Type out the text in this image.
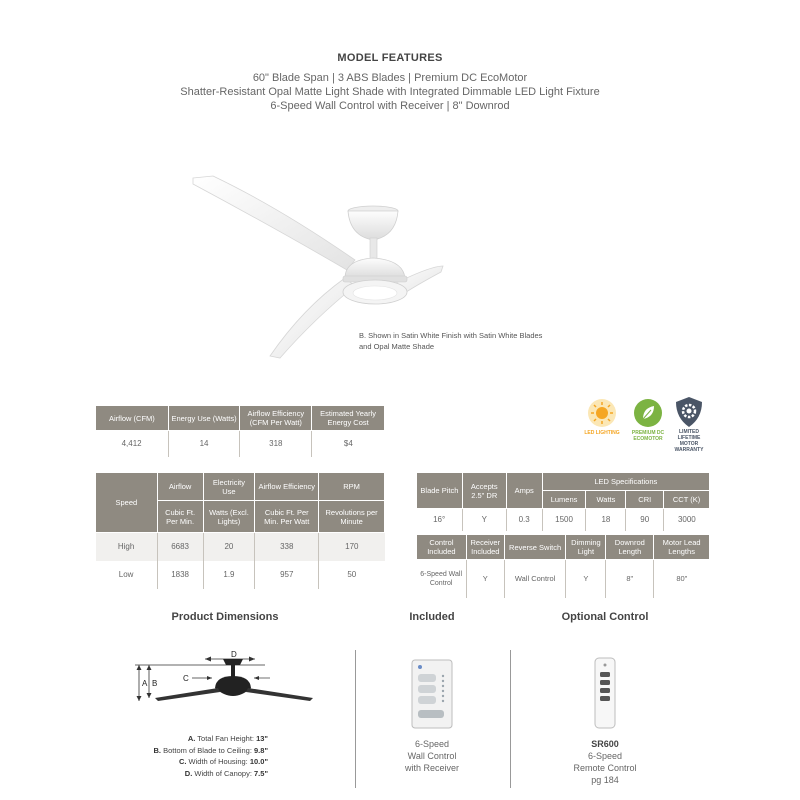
MODEL FEATURES
60" Blade Span | 3 ABS Blades | Premium DC EcoMotor
Shatter-Resistant Opal Matte Light Shade with Integrated Dimmable LED Light Fixture
6-Speed Wall Control with Receiver | 8" Downrod
B. Shown in Satin White Finish with Satin White Blades
and Opal Matte Shade
Airflow (CFM)	Energy Use (Watts)	Airflow Efficiency (CFM Per Watt)	Estimated Yearly Energy Cost
4,412	14	318	$4
LED LIGHTING	PREMIUM DC ECOMOTOR
LIMITED LIFETIME MOTOR WARRANTY
Speed	Airflow	Electricity Use	Airflow Efficiency	RPM
	Cubic Ft. Per Min.	Watts (Excl. Lights)	Cubic Ft. Per Min. Per Watt	Revolutions per Minute
High	6683	20	338	170
Low	1838	1.9	957	50
Blade Pitch	Accepts 2.5" DR	Amps	LED Specifications			
			Lumens	Watts	CRI	CCT (K)
16°	Y	0.3	1500	18	90	3000
Control Included	Receiver Included	Reverse Switch	Dimming Light	Downrod Length	Motor Lead Lengths
6-Speed Wall Control	Y	Wall Control	Y	8"	80"
Product Dimensions	Included	Optional Control
A B
C
D
A. Total Fan Height: 13"
B. Bottom of Blade to Ceiling: 9.8"
C. Width of Housing: 10.0"
D. Width of Canopy: 7.5"
6-Speed
Wall Control
with Receiver
SR600
6-Speed
Remote Control
pg 184
